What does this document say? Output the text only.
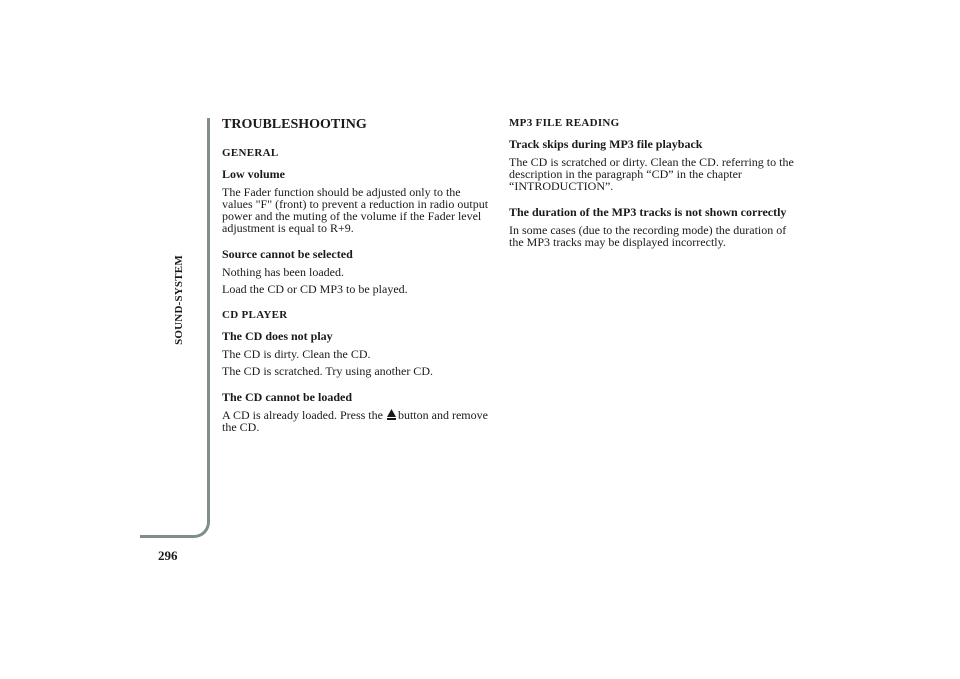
SOUND-SYSTEM
296

TROUBLESHOOTING

GENERAL

Low volume

The Fader function should be adjusted only to the values "F" (front) to prevent a reduction in radio output power and the muting of the volume if the Fader level adjustment is equal to R+9.

Source cannot be selected

Nothing has been loaded.

Load the CD or CD MP3 to be played.

CD PLAYER

The CD does not play

The CD is dirty. Clean the CD.

The CD is scratched. Try using another CD.

The CD cannot be loaded

A CD is already loaded. Press the button and remove the CD.

MP3 FILE READING

Track skips during MP3 file playback

The CD is scratched or dirty. Clean the CD. referring to the description in the paragraph “CD” in the chapter “INTRODUCTION”.

The duration of the MP3 tracks is not shown correctly

In some cases (due to the recording mode) the duration of the MP3 tracks may be displayed incorrectly.
